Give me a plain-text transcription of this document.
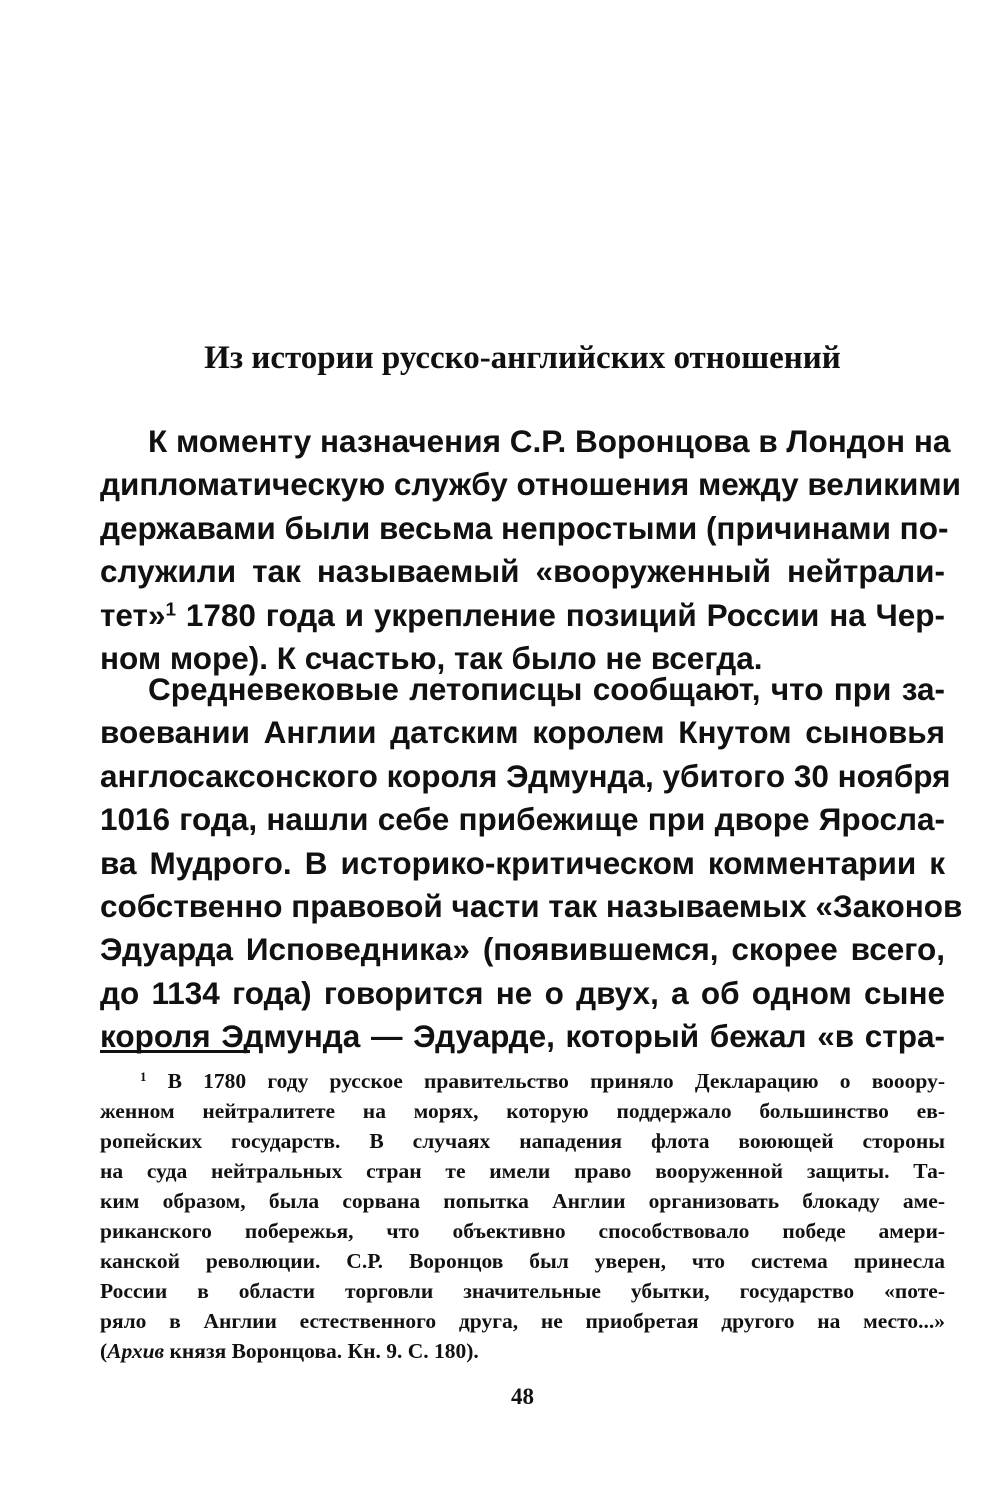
Из истории русско-английских отношений
К моменту назначения С.Р. Воронцова в Лондон на
дипломатическую службу отношения между великими
державами были весьма непростыми (причинами по-
служили так называемый «вооруженный нейтрали-
тет»$^1$ 1780 года и укрепление позиций России на Чер-
ном море). К счастью, так было не всегда.
Средневековые летописцы сообщают, что при за-
воевании Англии датским королем Кнутом сыновья
англосаксонского короля Эдмунда, убитого 30 ноября
1016 года, нашли себе прибежище при дворе Яросла-
ва Мудрого. В историко-критическом комментарии к
собственно правовой части так называемых «Законов
Эдуарда Исповедника» (появившемся, скорее всего,
до 1134 года) говорится не о двух, а об одном сыне
короля Эдмунда — Эдуарде, который бежал «в стра-
$^1$ В 1780 году русское правительство приняло Декларацию о вооору-
женном нейтралитете на морях, которую поддержало большинство ев-
ропейских государств. В случаях нападения флота воюющей стороны
на суда нейтральных стран те имели право вооруженной защиты. Та-
ким образом, была сорвана попытка Англии организовать блокаду аме-
риканского побережья, что объективно способствовало победе амери-
канской революции. С.Р. Воронцов был уверен, что система принесла
России в области торговли значительные убытки, государство «поте-
ряло в Англии естественного друга, не приобретая другого на место...»
(Архив князя Воронцова. Кн. 9. С. 180).
48
